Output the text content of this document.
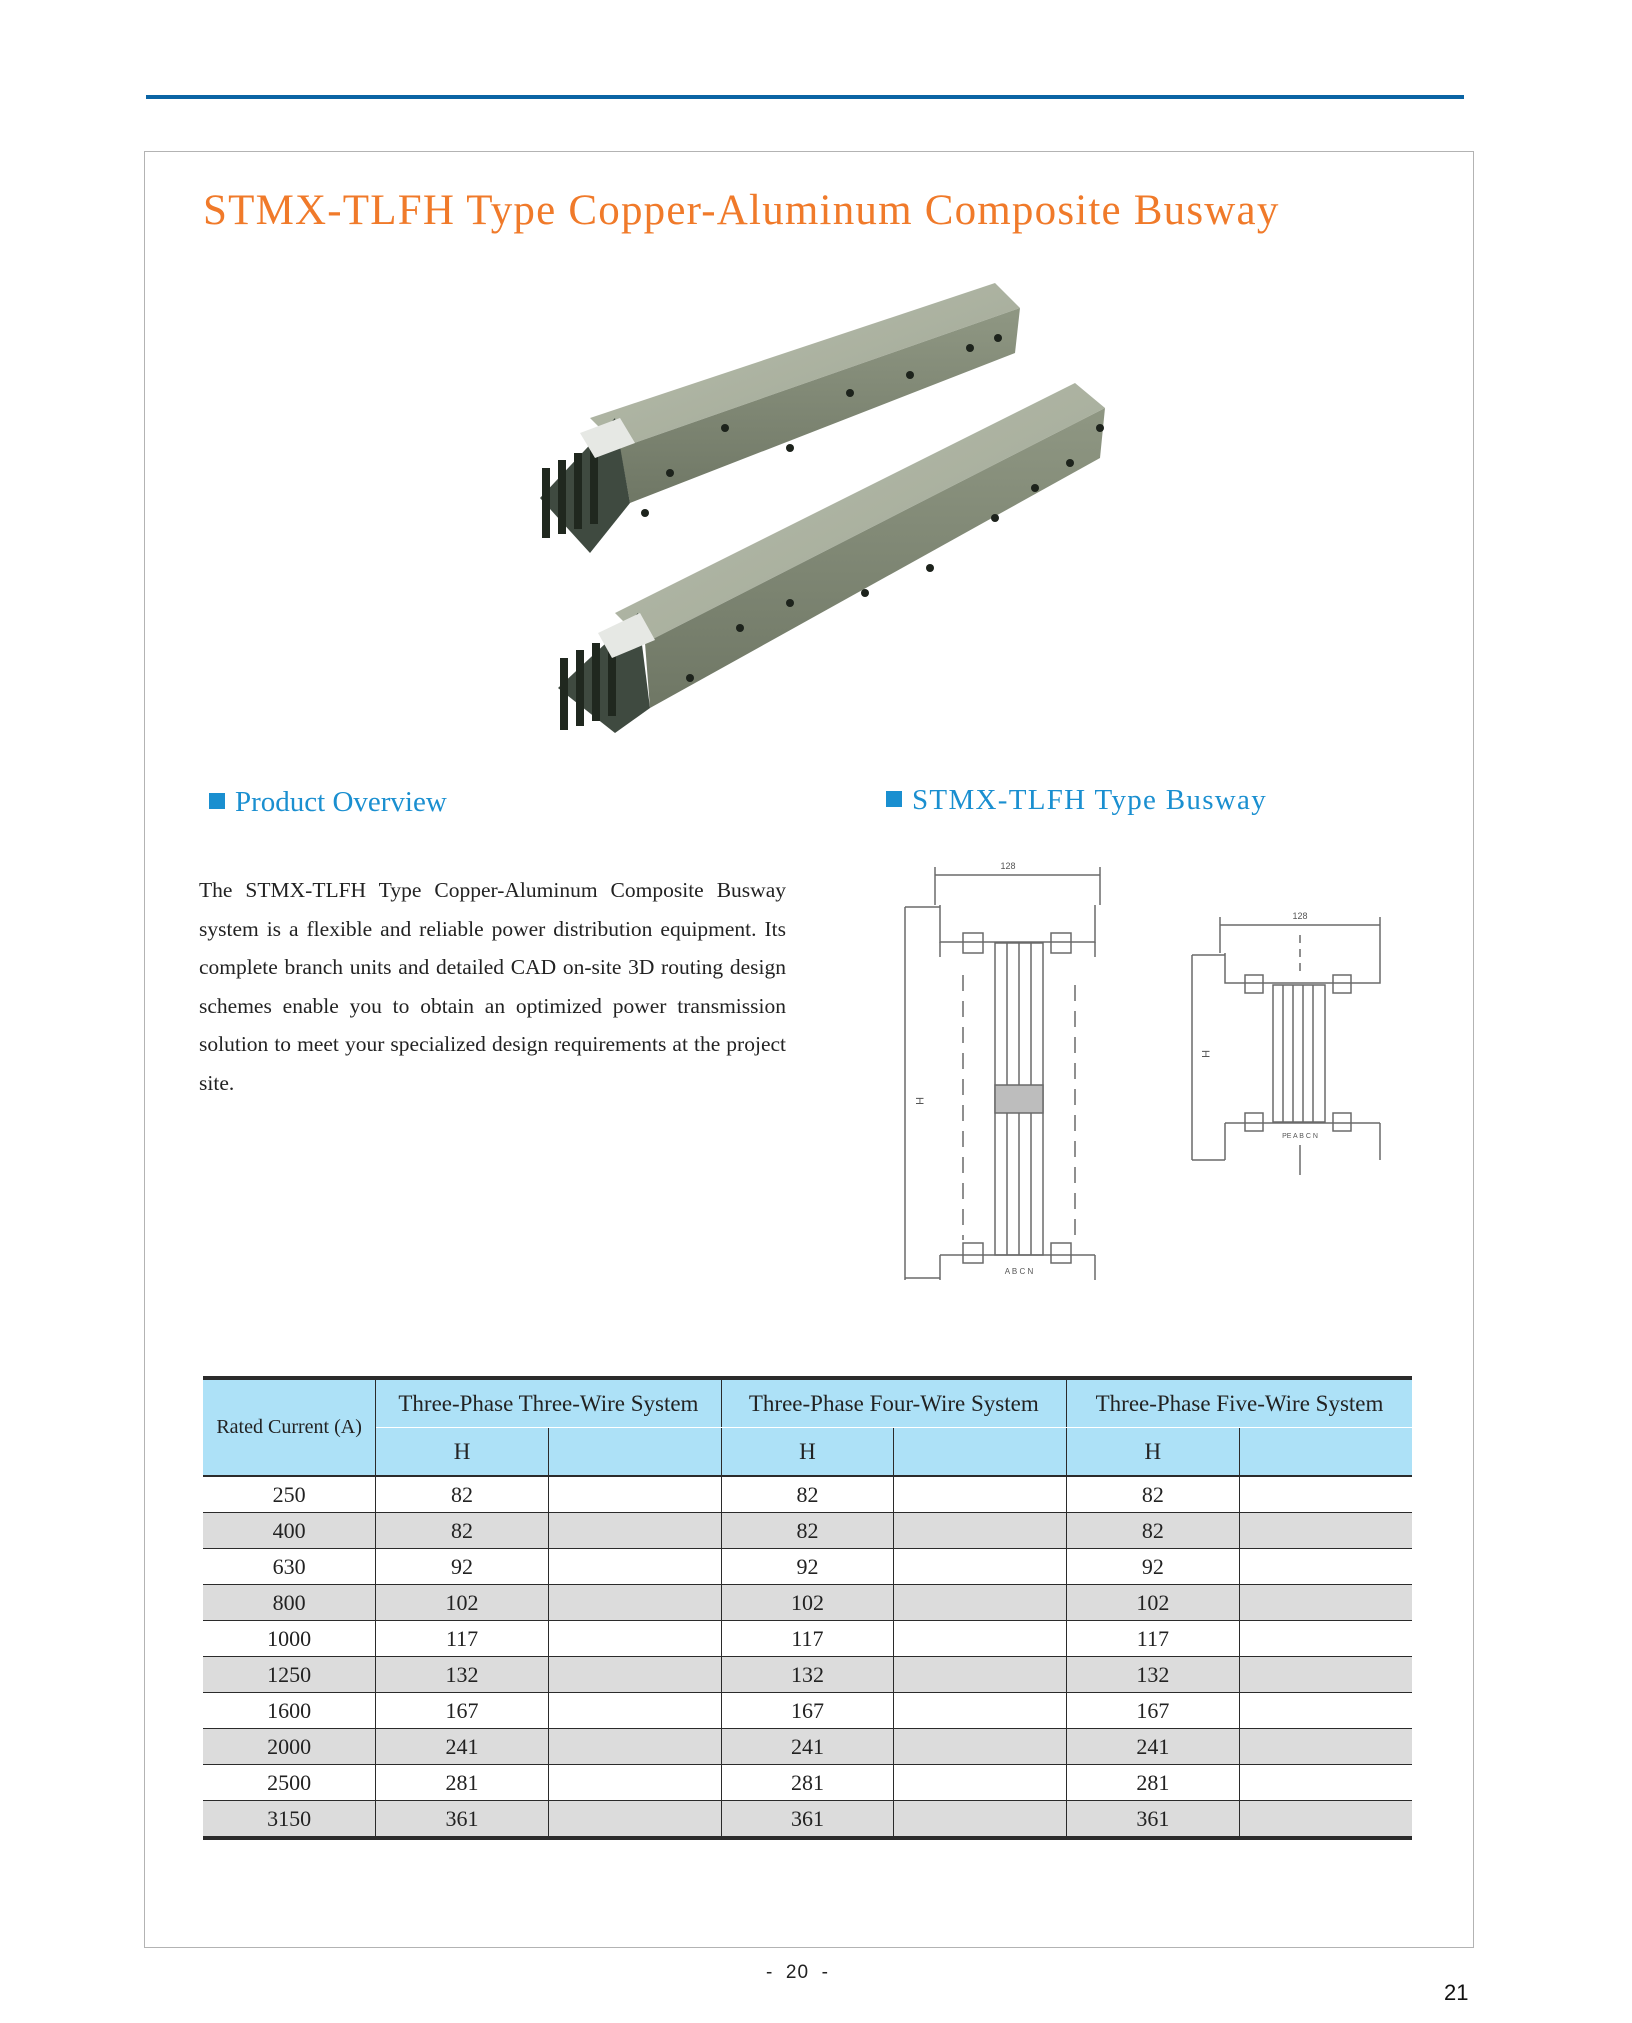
STMX-TLFH Type Copper-Aluminum Composite Busway
Product Overview	STMX-TLFH Type Busway

The STMX-TLFH Type Copper-Aluminum Composite Busway system is a flexible and reliable power distribution equipment. Its complete branch units and detailed CAD on-site 3D routing design schemes enable you to obtain an optimized power transmission solution to meet your specialized design requirements at the project site.

128
H
A B C N
128
H
PE A B C N
Rated Current (A)	Three-Phase Three-Wire System		Three-Phase Four-Wire System		Three-Phase Five-Wire System	
	H		H		H	
250	82		82		82	
400	82		82		82	
630	92		92		92	
800	102		102		102	
1000	117		117		117	
1250	132		132		132	
1600	167		167		167	
2000	241		241		241	
2500	281		281		281	
3150	361		361		361	
-  20  -
21
